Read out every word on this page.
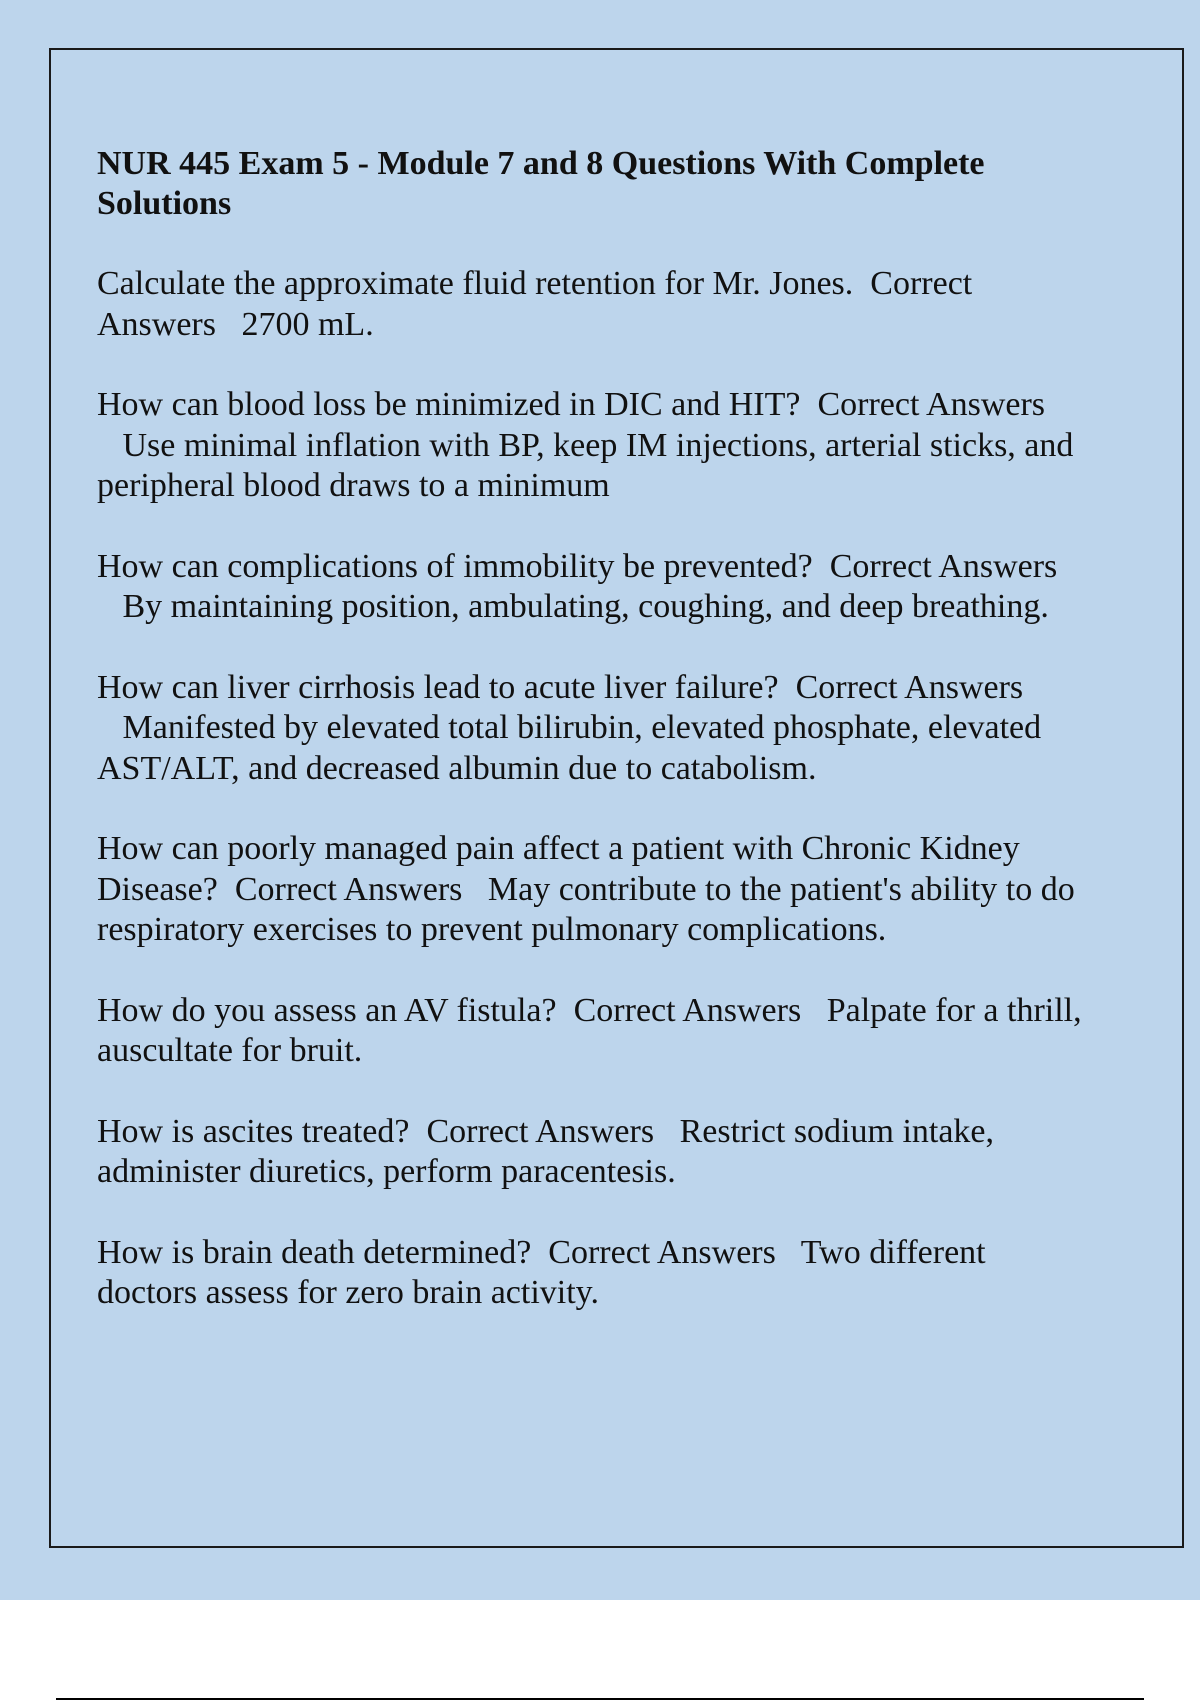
NUR 445 Exam 5 - Module 7 and 8 Questions With Complete Solutions
Calculate the approximate fluid retention for Mr. Jones. Correct Answers 2700 mL.
How can blood loss be minimized in DIC and HIT? Correct Answers   Use minimal inflation with BP, keep IM injections, arterial sticks, and peripheral blood draws to a minimum
How can complications of immobility be prevented? Correct Answers   By maintaining position, ambulating, coughing, and deep breathing.
How can liver cirrhosis lead to acute liver failure? Correct Answers   Manifested by elevated total bilirubin, elevated phosphate, elevated AST/ALT, and decreased albumin due to catabolism.
How can poorly managed pain affect a patient with Chronic Kidney Disease? Correct Answers May contribute to the patient's ability to do respiratory exercises to prevent pulmonary complications.
How do you assess an AV fistula? Correct Answers Palpate for a thrill, auscultate for bruit.
How is ascites treated? Correct Answers Restrict sodium intake, administer diuretics, perform paracentesis.
How is brain death determined? Correct Answers Two different doctors assess for zero brain activity.
